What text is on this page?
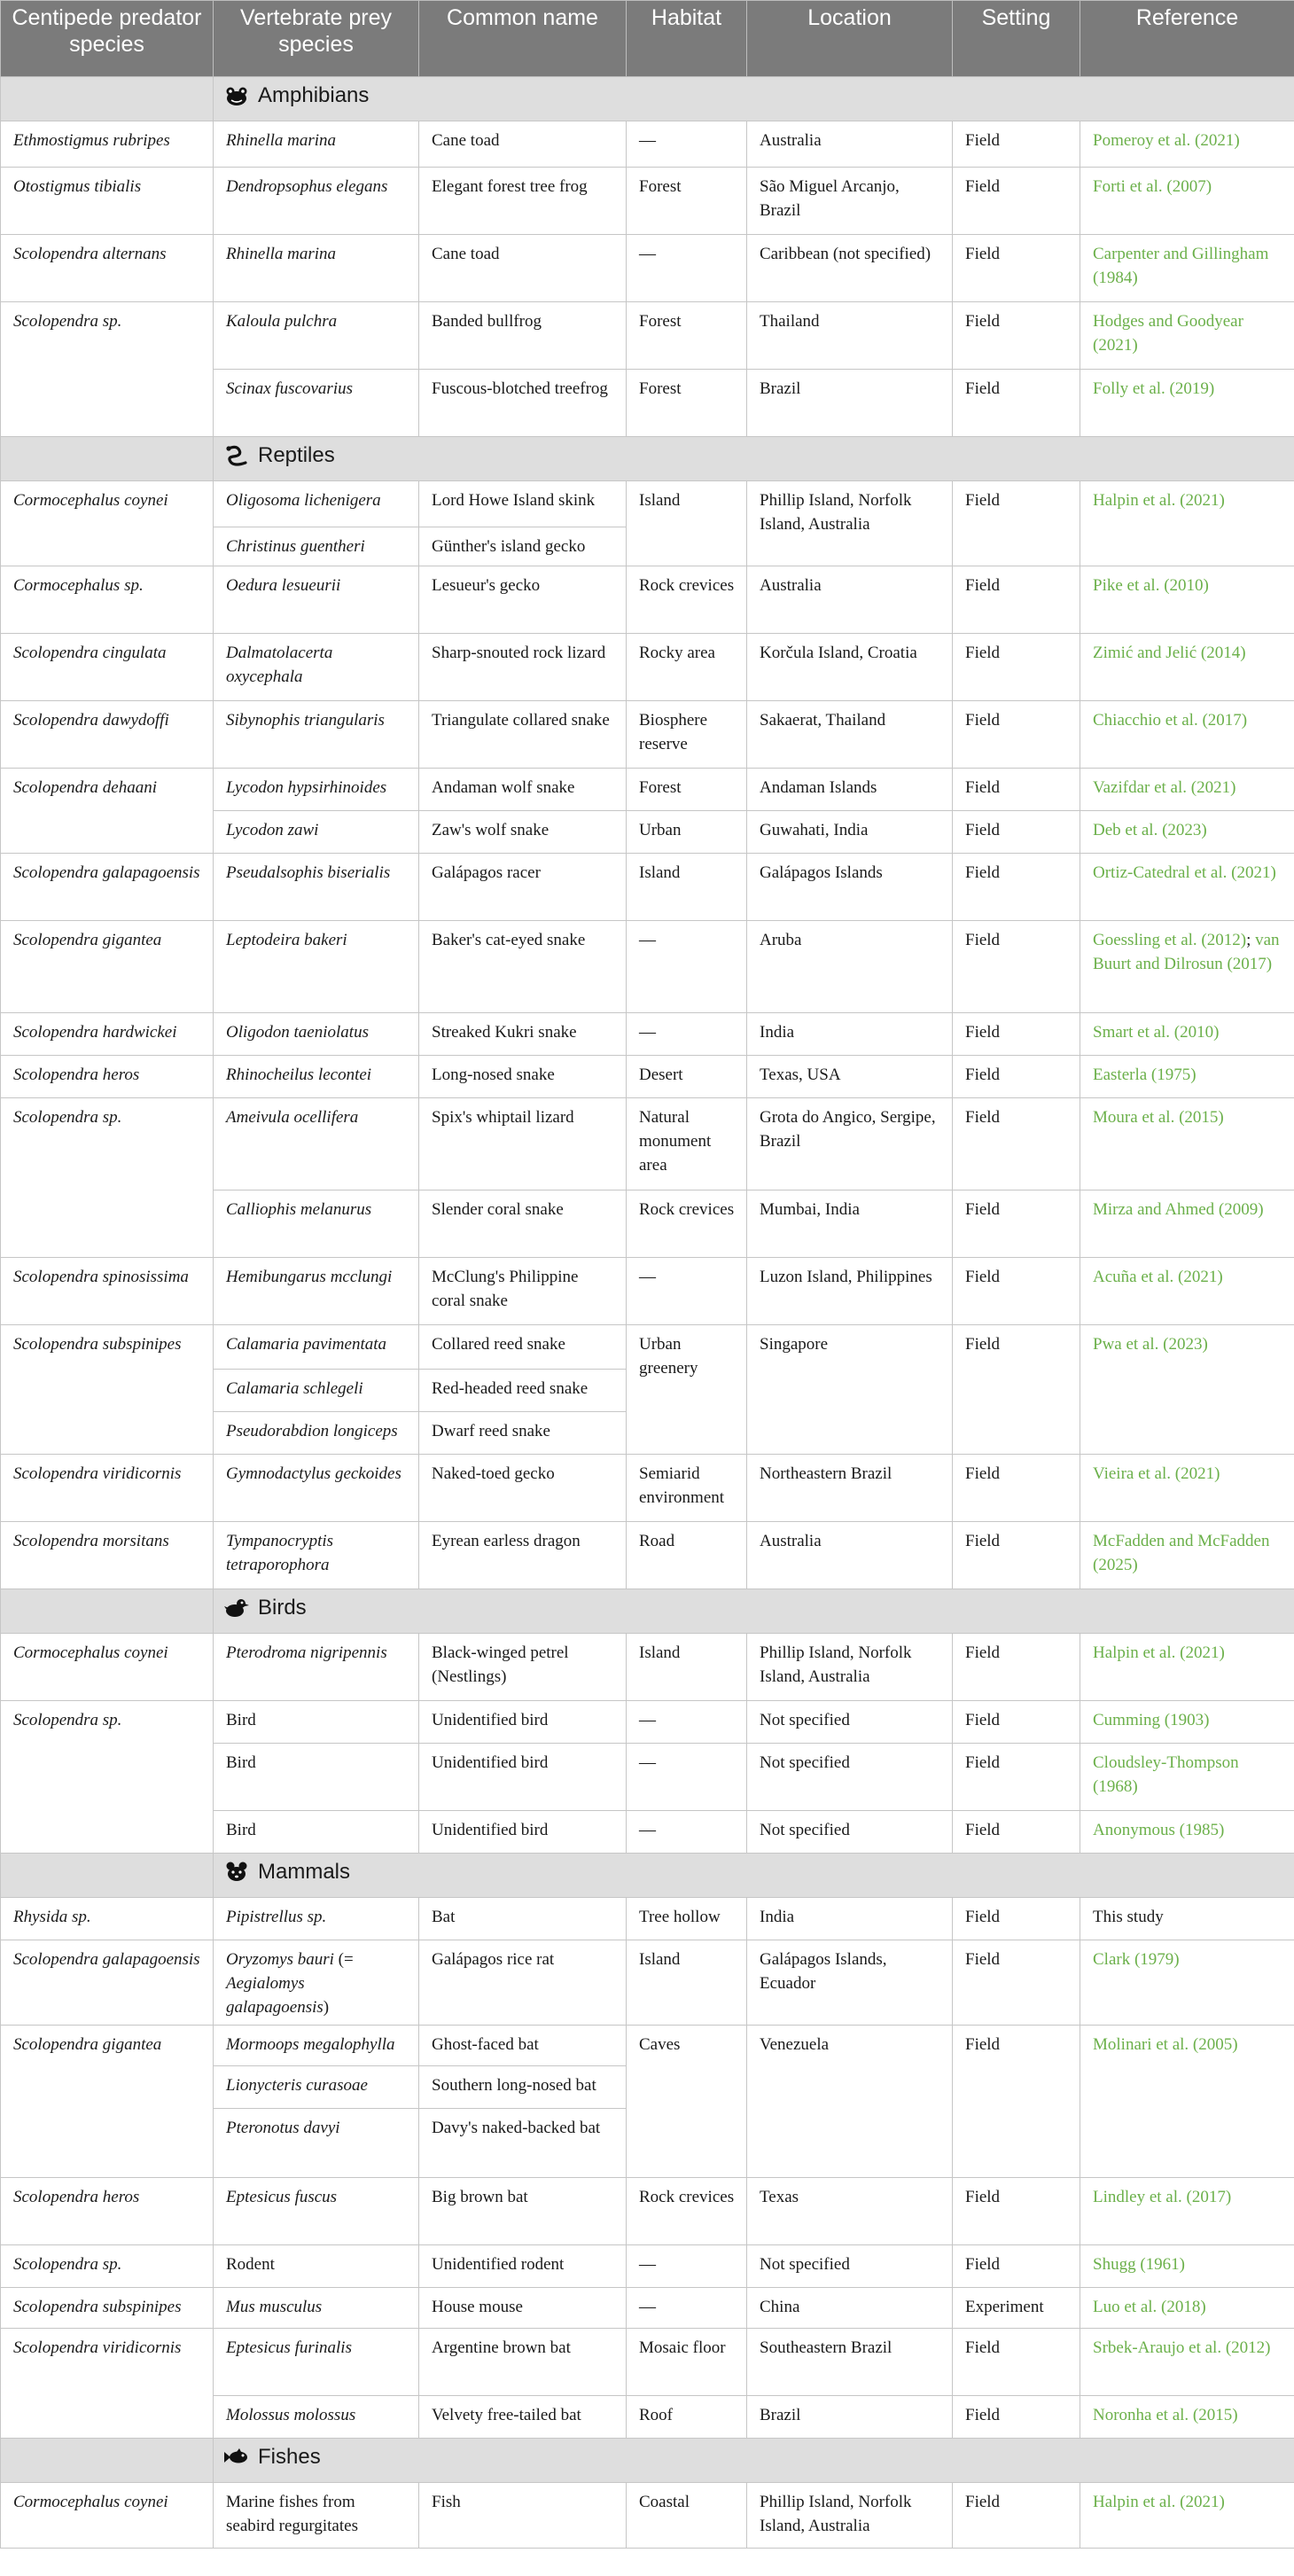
Centipede predator species	Vertebrate prey species	Common name	Habitat	Location	Setting	Reference

	Amphibians					

Ethmostigmus rubripes	Rhinella marina	Cane toad	—	Australia	Field	Pomeroy et al. (2021)
Otostigmus tibialis	Dendropsophus elegans	Elegant forest tree frog	Forest	São Miguel Arcanjo, Brazil	Field	Forti et al. (2007)
Scolopendra alternans	Rhinella marina	Cane toad	—	Caribbean (not specified)	Field	Carpenter and Gillingham (1984)
Scolopendra sp.	Kaloula pulchra	Banded bullfrog	Forest	Thailand	Field	Hodges and Goodyear (2021)
	Scinax fuscovarius	Fuscous-blotched treefrog	Forest	Brazil	Field	Folly et al. (2019)

	Reptiles					

Cormocephalus coynei	Oligosoma lichenigera	Lord Howe Island skink	Island	Phillip Island, Norfolk Island, Australia	Field	Halpin et al. (2021)
	Christinus guentheri	Günther's island gecko				
Cormocephalus sp.	Oedura lesueurii	Lesueur's gecko	Rock crevices	Australia	Field	Pike et al. (2010)
Scolopendra cingulata	Dalmatolacerta oxycephala	Sharp-snouted rock lizard	Rocky area	Korčula Island, Croatia	Field	Zimić and Jelić (2014)
Scolopendra dawydoffi	Sibynophis triangularis	Triangulate collared snake	Biosphere reserve	Sakaerat, Thailand	Field	Chiacchio et al. (2017)
Scolopendra dehaani	Lycodon hypsirhinoides	Andaman wolf snake	Forest	Andaman Islands	Field	Vazifdar et al. (2021)
	Lycodon zawi	Zaw's wolf snake	Urban	Guwahati, India	Field	Deb et al. (2023)
Scolopendra galapagoensis	Pseudalsophis biserialis	Galápagos racer	Island	Galápagos Islands	Field	Ortiz-Catedral et al. (2021)
Scolopendra gigantea	Leptodeira bakeri	Baker's cat-eyed snake	—	Aruba	Field	Goessling et al. (2012); van Buurt and Dilrosun (2017)
Scolopendra hardwickei	Oligodon taeniolatus	Streaked Kukri snake	—	India	Field	Smart et al. (2010)
Scolopendra heros	Rhinocheilus lecontei	Long-nosed snake	Desert	Texas, USA	Field	Easterla (1975)
Scolopendra sp.	Ameivula ocellifera	Spix's whiptail lizard	Natural monument area	Grota do Angico, Sergipe, Brazil	Field	Moura et al. (2015)
	Calliophis melanurus	Slender coral snake	Rock crevices	Mumbai, India	Field	Mirza and Ahmed (2009)
Scolopendra spinosissima	Hemibungarus mcclungi	McClung's Philippine coral snake	—	Luzon Island, Philippines	Field	Acuña et al. (2021)
Scolopendra subspinipes	Calamaria pavimentata	Collared reed snake	Urban greenery	Singapore	Field	Pwa et al. (2023)
	Calamaria schlegeli	Red-headed reed snake				
	Pseudorabdion longiceps	Dwarf reed snake				
Scolopendra viridicornis	Gymnodactylus geckoides	Naked-toed gecko	Semiarid environment	Northeastern Brazil	Field	Vieira et al. (2021)
Scolopendra morsitans	Tympanocryptis tetraporophora	Eyrean earless dragon	Road	Australia	Field	McFadden and McFadden (2025)

	Birds					

Cormocephalus coynei	Pterodroma nigripennis	Black-winged petrel (Nestlings)	Island	Phillip Island, Norfolk Island, Australia	Field	Halpin et al. (2021)
Scolopendra sp.	Bird	Unidentified bird	—	Not specified	Field	Cumming (1903)
	Bird	Unidentified bird	—	Not specified	Field	Cloudsley-Thompson (1968)
	Bird	Unidentified bird	—	Not specified	Field	Anonymous (1985)

	Mammals					

Rhysida sp.	Pipistrellus sp.	Bat	Tree hollow	India	Field	This study
Scolopendra galapagoensis	Oryzomys bauri (= Aegialomys galapagoensis)	Galápagos rice rat	Island	Galápagos Islands, Ecuador	Field	Clark (1979)
Scolopendra gigantea	Mormoops megalophylla	Ghost-faced bat	Caves	Venezuela	Field	Molinari et al. (2005)
	Lionycteris curasoae	Southern long-nosed bat				
	Pteronotus davyi	Davy's naked-backed bat				
Scolopendra heros	Eptesicus fuscus	Big brown bat	Rock crevices	Texas	Field	Lindley et al. (2017)
Scolopendra sp.	Rodent	Unidentified rodent	—	Not specified	Field	Shugg (1961)
Scolopendra subspinipes	Mus musculus	House mouse	—	China	Experiment	Luo et al. (2018)
Scolopendra viridicornis	Eptesicus furinalis	Argentine brown bat	Mosaic floor	Southeastern Brazil	Field	Srbek-Araujo et al. (2012)
	Molossus molossus	Velvety free-tailed bat	Roof	Brazil	Field	Noronha et al. (2015)

	Fishes					

Cormocephalus coynei	Marine fishes from seabird regurgitates	Fish	Coastal	Phillip Island, Norfolk Island, Australia	Field	Halpin et al. (2021)
